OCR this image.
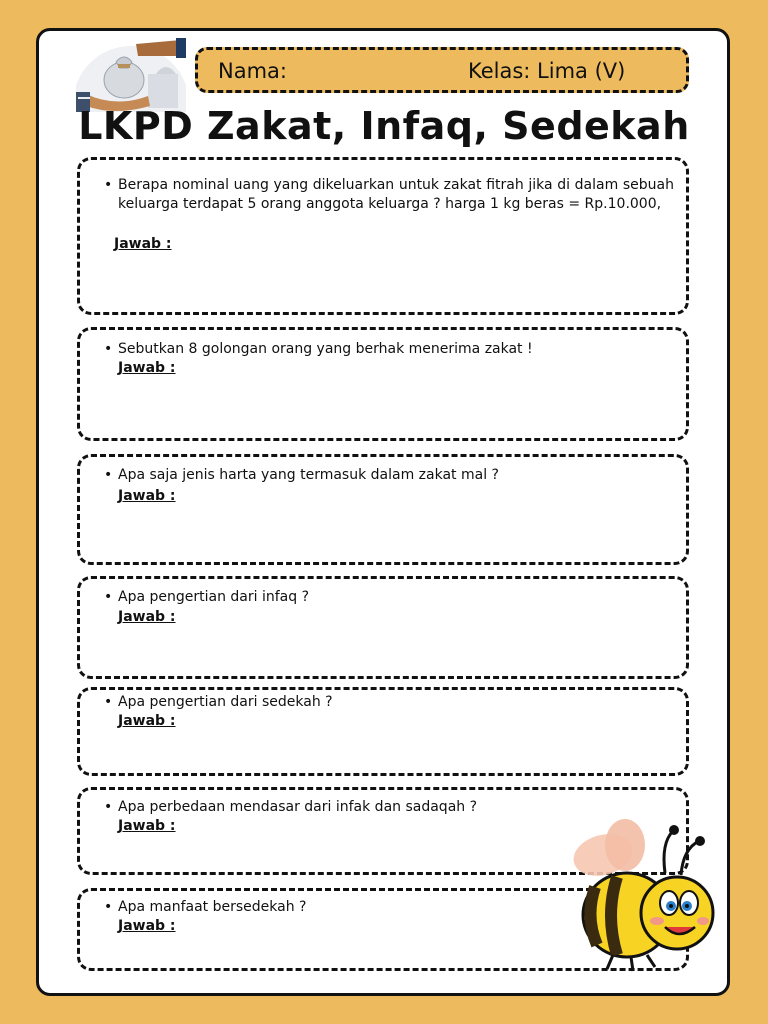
Nama:	Kelas: Lima (V)
LKPD Zakat, Infaq, Sedekah
• Berapa nominal uang yang dikeluarkan untuk zakat fitrah jika di dalam sebuah keluarga terdapat 5 orang anggota keluarga ? harga 1 kg beras = Rp.10.000,
Jawab :
• Sebutkan 8 golongan orang yang berhak menerima zakat !
Jawab :
• Apa saja jenis harta yang termasuk dalam zakat mal ?
Jawab :
• Apa pengertian dari infaq ?
Jawab :
• Apa pengertian dari sedekah ?
Jawab :
• Apa perbedaan mendasar dari infak dan sadaqah ?
Jawab :
• Apa manfaat bersedekah ?
Jawab :
